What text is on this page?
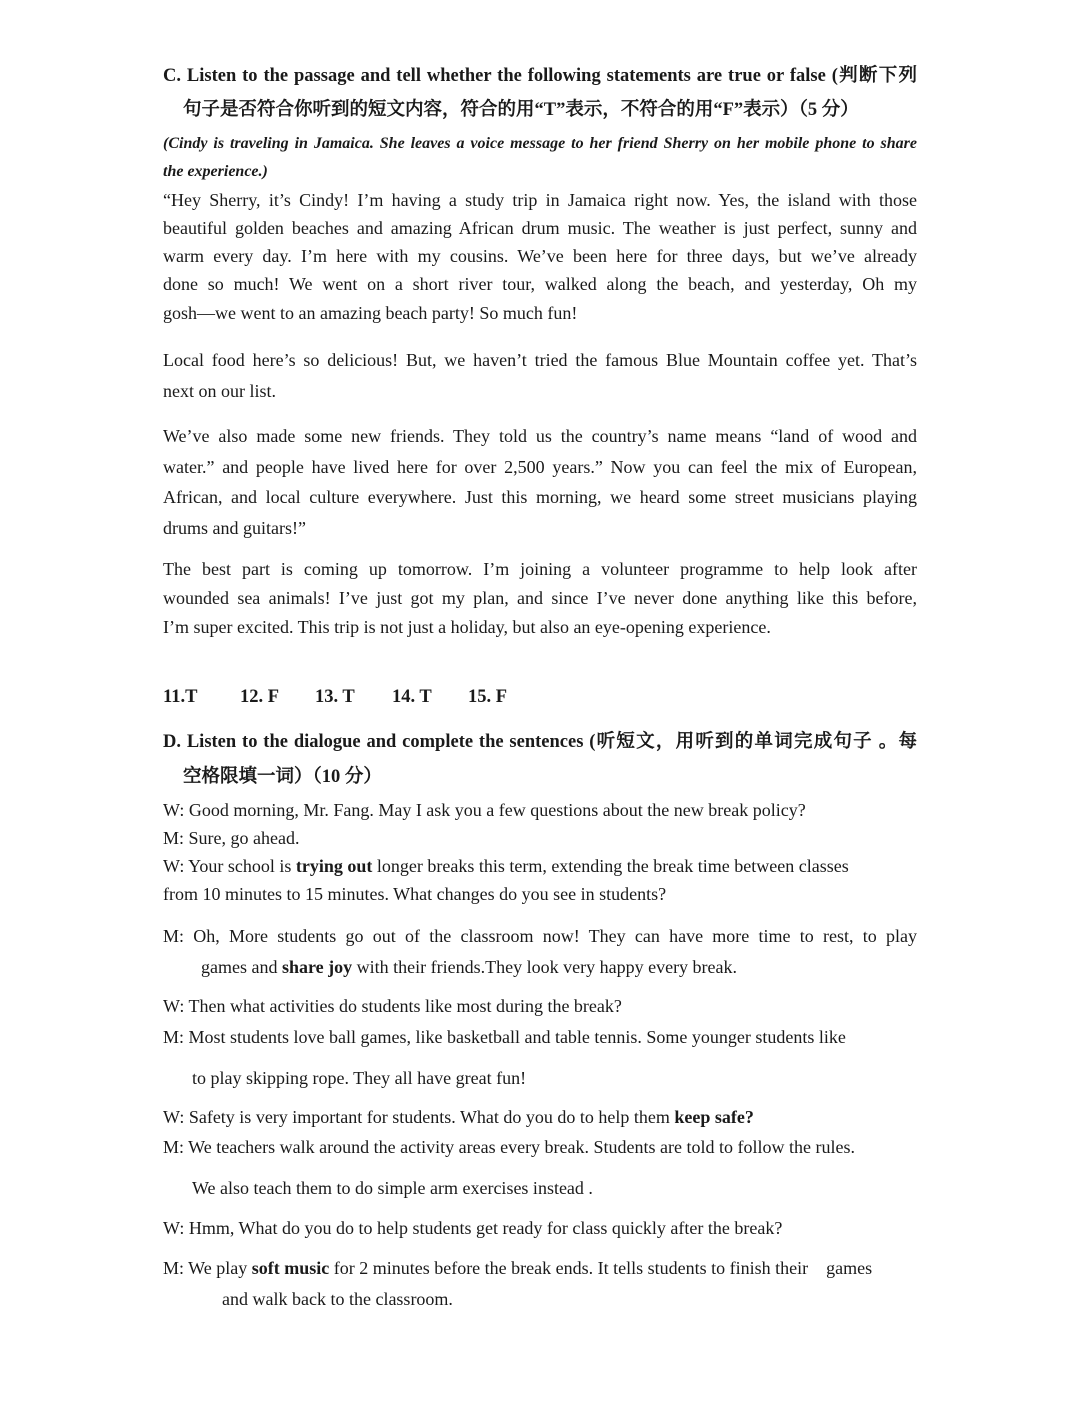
C. Listen to the passage and tell whether the following statements are true or false (判断下列
句子是否符合你听到的短文内容，符合的用“T”表示，不符合的用“F”表示）（5 分）
(Cindy is traveling in Jamaica. She leaves a voice message to her friend Sherry on her mobile phone to share
the experience.)
“Hey Sherry, it’s Cindy! I’m having a study trip in Jamaica right now. Yes, the island with those
beautiful golden beaches and amazing African drum music. The weather is just perfect, sunny and
warm every day. I’m here with my cousins. We’ve been here for three days, but we’ve already
done so much! We went on a short river tour, walked along the beach, and yesterday, Oh my
gosh—we went to an amazing beach party! So much fun!
Local food here’s so delicious! But, we haven’t tried the famous Blue Mountain coffee yet. That’s
next on our list.
We’ve also made some new friends. They told us the country’s name means “land of wood and
water.” and people have lived here for over 2,500 years.” Now you can feel the mix of European,
African, and local culture everywhere. Just this morning, we heard some street musicians playing
drums and guitars!”
The best part is coming up tomorrow. I’m joining a volunteer programme to help look after
wounded sea animals! I’ve just got my plan, and since I’ve never done anything like this before,
I’m super excited. This trip is not just a holiday, but also an eye-opening experience.
11.T 12. F 13. T 14. T 15. F
D. Listen to the dialogue and complete the sentences (听短文，用听到的单词完成句子 。每
空格限填一词）（10 分）
W: Good morning, Mr. Fang. May I ask you a few questions about the new break policy?
M: Sure, go ahead.
W: Your school is trying out longer breaks this term, extending the break time between classes
from 10 minutes to 15 minutes. What changes do you see in students?
M: Oh, More students go out of the classroom now! They can have more time to rest, to play
games and share joy with their friends.They look very happy every break.
W: Then what activities do students like most during the break?
M: Most students love ball games, like basketball and table tennis. Some younger students like
to play skipping rope. They all have great fun!
W: Safety is very important for students. What do you do to help them keep safe?
M: We teachers walk around the activity areas every break. Students are told to follow the rules.
We also teach them to do simple arm exercises instead .
W: Hmm, What do you do to help students get ready for class quickly after the break?
M: We play soft music for 2 minutes before the break ends. It tells students to finish their    games
and walk back to the classroom.
